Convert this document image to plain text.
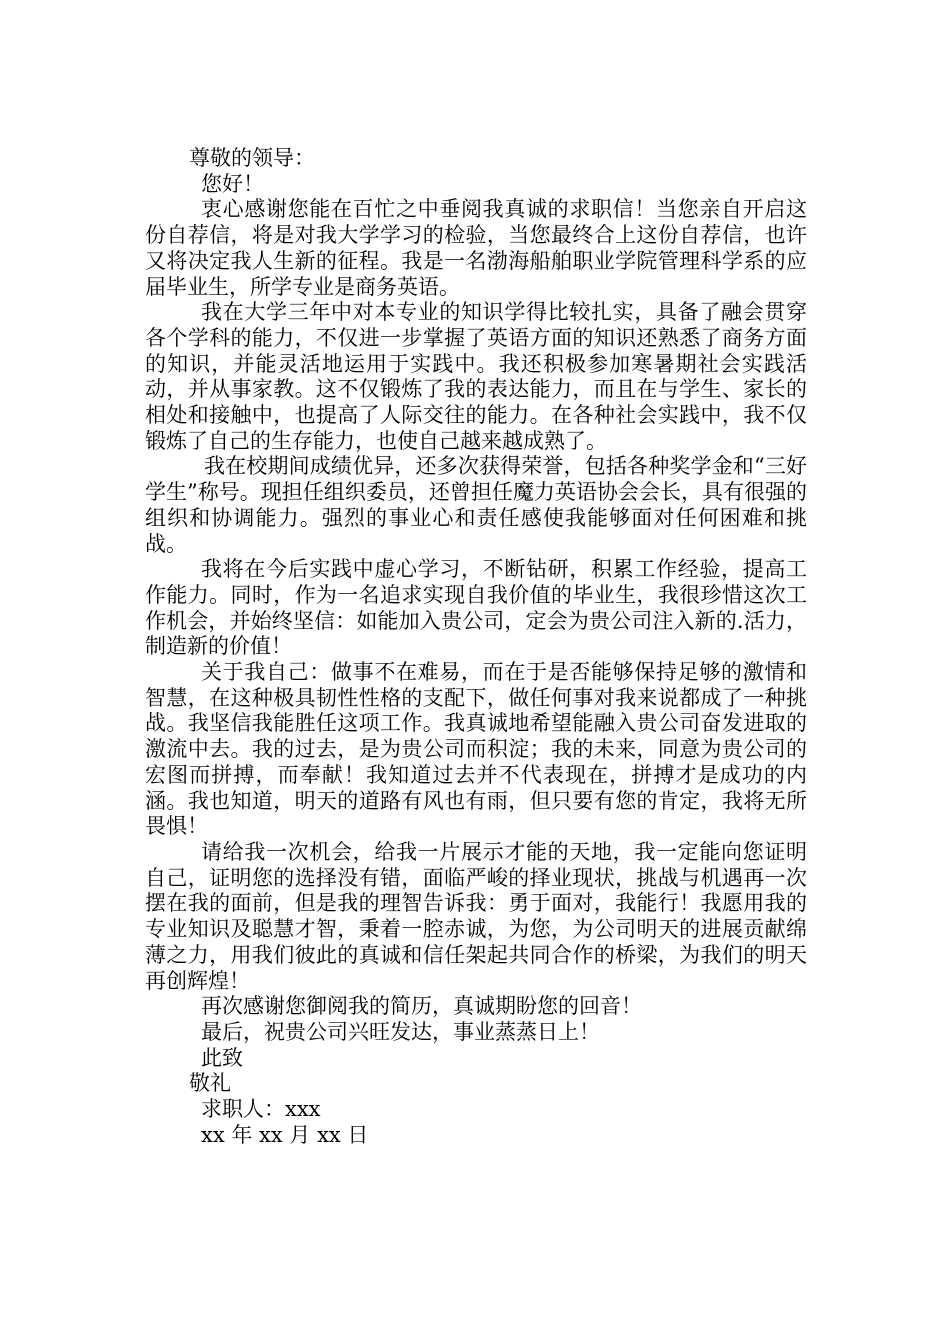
尊敬的领导：

您好！

衷心感谢您能在百忙之中垂阅我真诚的求职信！当您亲自开启这份自荐信，将是对我大学学习的检验，当您最终合上这份自荐信，也许又将决定我人生新的征程。我是一名渤海船舶职业学院管理科学系的应届毕业生，所学专业是商务英语。

我在大学三年中对本专业的知识学得比较扎实，具备了融会贯穿各个学科的能力，不仅进一步掌握了英语方面的知识还熟悉了商务方面的知识，并能灵活地运用于实践中。我还积极参加寒暑期社会实践活动，并从事家教。这不仅锻炼了我的表达能力，而且在与学生、家长的相处和接触中，也提高了人际交往的能力。在各种社会实践中，我不仅锻炼了自己的生存能力，也使自己越来越成熟了。

我在校期间成绩优异，还多次获得荣誉，包括各种奖学金和“三好学生”称号。现担任组织委员，还曾担任魔力英语协会会长，具有很强的组织和协调能力。强烈的事业心和责任感使我能够面对任何困难和挑战。

我将在今后实践中虚心学习，不断钻研，积累工作经验，提高工作能力。同时，作为一名追求实现自我价值的毕业生，我很珍惜这次工作机会，并始终坚信：如能加入贵公司，定会为贵公司注入新的.活力，制造新的价值！

关于我自己：做事不在难易，而在于是否能够保持足够的激情和智慧，在这种极具韧性性格的支配下，做任何事对我来说都成了一种挑战。我坚信我能胜任这项工作。我真诚地希望能融入贵公司奋发进取的激流中去。我的过去，是为贵公司而积淀；我的未来，同意为贵公司的宏图而拼搏，而奉献！我知道过去并不代表现在，拼搏才是成功的内涵。我也知道，明天的道路有风也有雨，但只要有您的肯定，我将无所畏惧！

请给我一次机会，给我一片展示才能的天地，我一定能向您证明自己，证明您的选择没有错，面临严峻的择业现状，挑战与机遇再一次摆在我的面前，但是我的理智告诉我：勇于面对，我能行！我愿用我的专业知识及聪慧才智，秉着一腔赤诚，为您，为公司明天的进展贡献绵薄之力，用我们彼此的真诚和信任架起共同合作的桥梁，为我们的明天再创辉煌！

再次感谢您御阅我的简历，真诚期盼您的回音！

最后，祝贵公司兴旺发达，事业蒸蒸日上！

此致

敬礼

求职人：xxx

xx 年 xx 月 xx 日
